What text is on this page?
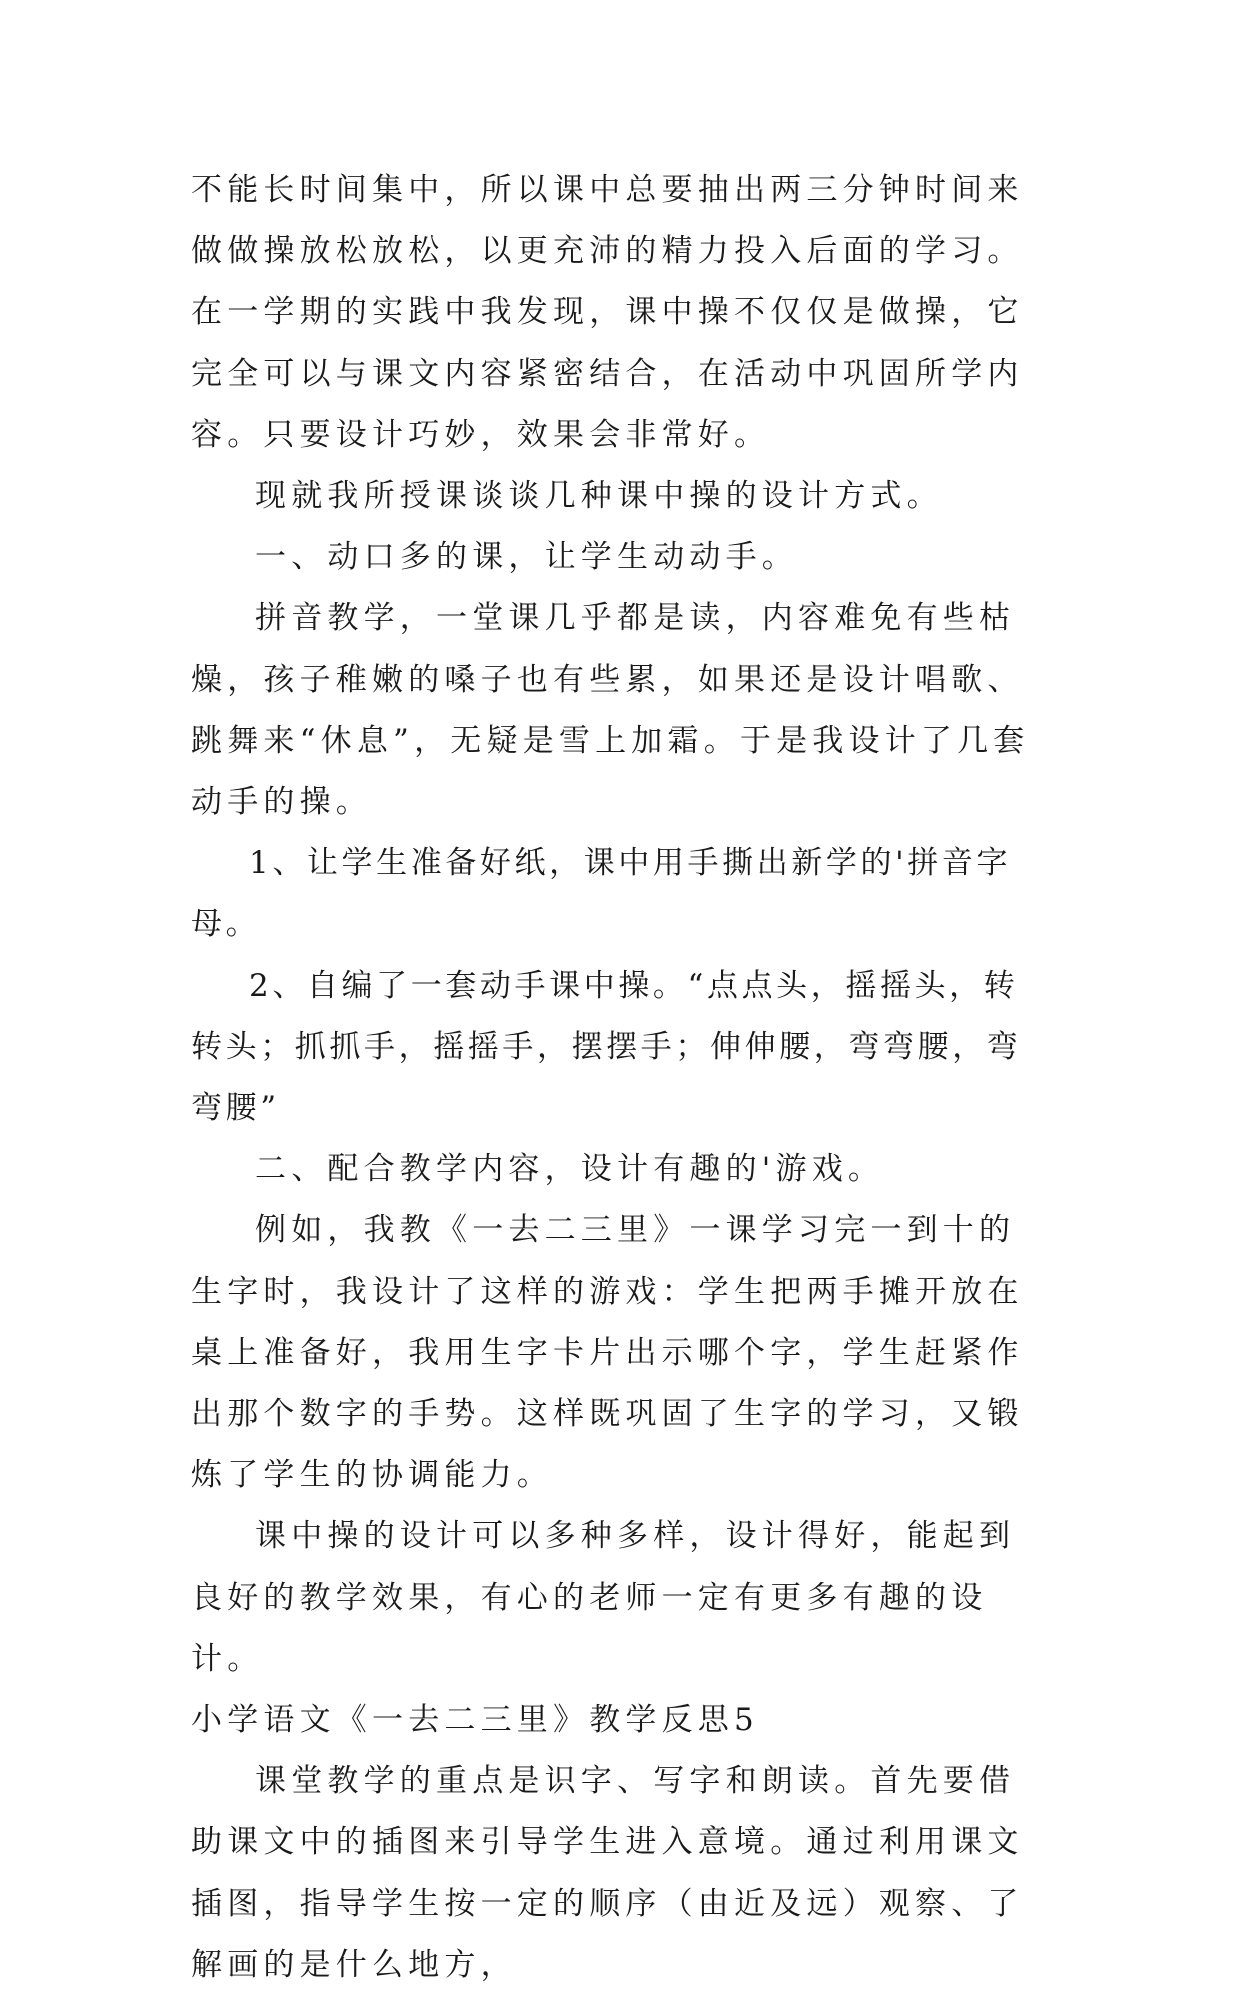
不能长时间集中，所以课中总要抽出两三分钟时间来做做操放松放松，以更充沛的精力投入后面的学习。在一学期的实践中我发现，课中操不仅仅是做操，它完全可以与课文内容紧密结合，在活动中巩固所学内容。只要设计巧妙，效果会非常好。

现就我所授课谈谈几种课中操的设计方式。

一、动口多的课，让学生动动手。

拼音教学，一堂课几乎都是读，内容难免有些枯燥，孩子稚嫩的嗓子也有些累，如果还是设计唱歌、跳舞来“休息”，无疑是雪上加霜。于是我设计了几套动手的操。

1、让学生准备好纸，课中用手撕出新学的'拼音字母。

2、自编了一套动手课中操。“点点头，摇摇头，转转头；抓抓手，摇摇手，摆摆手；伸伸腰，弯弯腰，弯弯腰”

二、配合教学内容，设计有趣的'游戏。

例如，我教《一去二三里》一课学习完一到十的生字时，我设计了这样的游戏：学生把两手摊开放在桌上准备好，我用生字卡片出示哪个字，学生赶紧作出那个数字的手势。这样既巩固了生字的学习，又锻炼了学生的协调能力。

课中操的设计可以多种多样，设计得好，能起到良好的教学效果，有心的老师一定有更多有趣的设计。

小学语文《一去二三里》教学反思5

课堂教学的重点是识字、写字和朗读。首先要借助课文中的插图来引导学生进入意境。通过利用课文插图，指导学生按一定的顺序（由近及远）观察、了解画的是什么地方，
